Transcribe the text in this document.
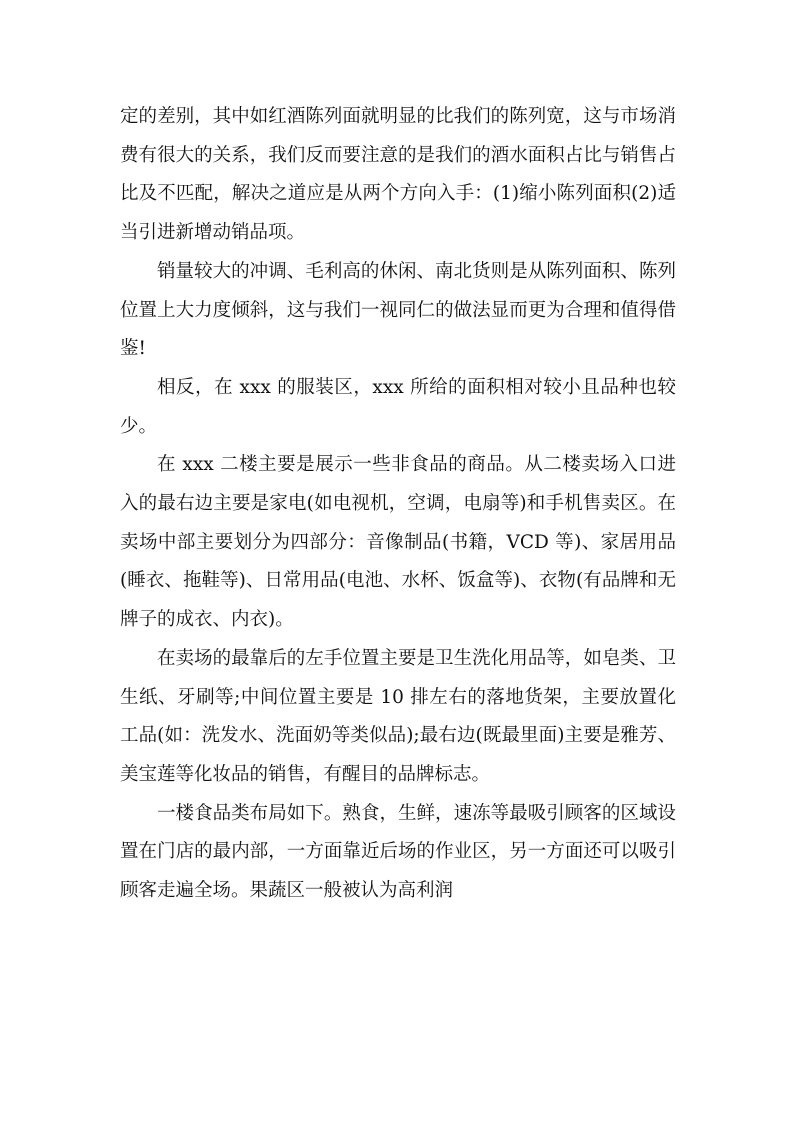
定的差别，其中如红酒陈列面就明显的比我们的陈列宽，这与市场消费有很大的关系，我们反而要注意的是我们的酒水面积占比与销售占比及不匹配，解决之道应是从两个方向入手：(1)缩小陈列面积(2)适当引进新增动销品项。

销量较大的冲调、毛利高的休闲、南北货则是从陈列面积、陈列位置上大力度倾斜，这与我们一视同仁的做法显而更为合理和值得借鉴!

相反，在 xxx 的服装区，xxx 所给的面积相对较小且品种也较少。

在 xxx 二楼主要是展示一些非食品的商品。从二楼卖场入口进入的最右边主要是家电(如电视机，空调，电扇等)和手机售卖区。在卖场中部主要划分为四部分：音像制品(书籍，VCD 等)、家居用品(睡衣、拖鞋等)、日常用品(电池、水杯、饭盒等)、衣物(有品牌和无牌子的成衣、内衣)。

在卖场的最靠后的左手位置主要是卫生洗化用品等，如皂类、卫生纸、牙刷等;中间位置主要是 10 排左右的落地货架，主要放置化工品(如：洗发水、洗面奶等类似品);最右边(既最里面)主要是雅芳、美宝莲等化妆品的销售，有醒目的品牌标志。

一楼食品类布局如下。熟食，生鲜，速冻等最吸引顾客的区域设置在门店的最内部，一方面靠近后场的作业区，另一方面还可以吸引顾客走遍全场。果蔬区一般被认为高利润
